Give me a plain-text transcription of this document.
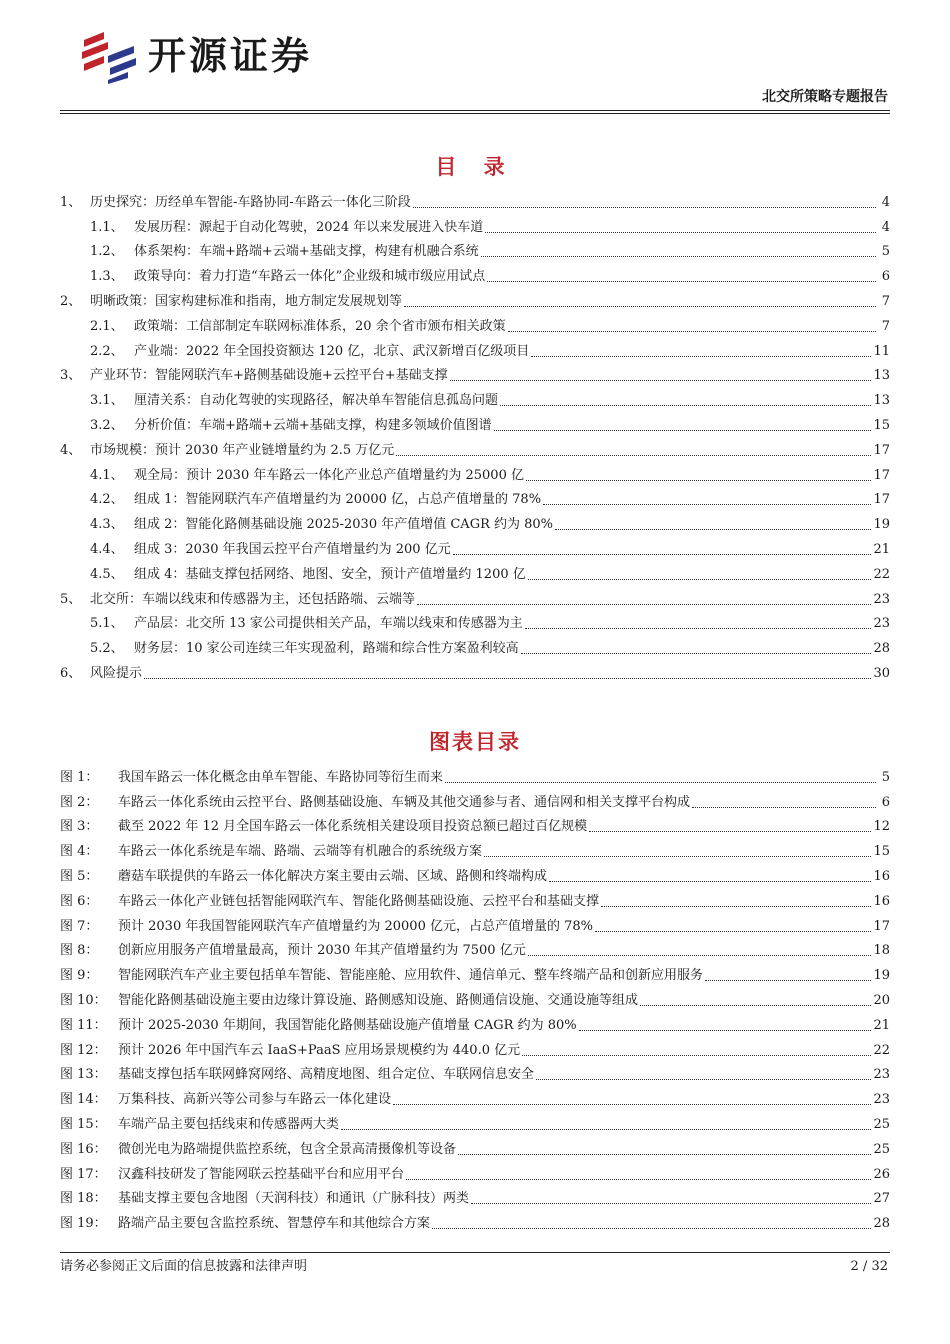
开源证券
北交所策略专题报告
目 录
1、 历史探究：历经单车智能-车路协同-车路云一体化三阶段	4
1.1、 发展历程：源起于自动化驾驶，2024 年以来发展进入快车道	4
1.2、 体系架构：车端+路端+云端+基础支撑，构建有机融合系统	5
1.3、 政策导向：着力打造“车路云一体化”企业级和城市级应用试点	6
2、 明晰政策：国家构建标准和指南，地方制定发展规划等	7
2.1、 政策端：工信部制定车联网标准体系，20 余个省市颁布相关政策	7
2.2、 产业端：2022 年全国投资额达 120 亿，北京、武汉新增百亿级项目	11
3、 产业环节：智能网联汽车+路侧基础设施+云控平台+基础支撑	13
3.1、 厘清关系：自动化驾驶的实现路径，解决单车智能信息孤岛问题	13
3.2、 分析价值：车端+路端+云端+基础支撑，构建多领域价值图谱	15
4、 市场规模：预计 2030 年产业链增量约为 2.5 万亿元	17
4.1、 观全局：预计 2030 年车路云一体化产业总产值增量约为 25000 亿	17
4.2、 组成 1：智能网联汽车产值增量约为 20000 亿，占总产值增量的 78%	17
4.3、 组成 2：智能化路侧基础设施 2025-2030 年产值增值 CAGR 约为 80%	19
4.4、 组成 3：2030 年我国云控平台产值增量约为 200 亿元	21
4.5、 组成 4：基础支撑包括网络、地图、安全，预计产值增量约 1200 亿	22
5、 北交所：车端以线束和传感器为主，还包括路端、云端等	23
5.1、 产品层：北交所 13 家公司提供相关产品，车端以线束和传感器为主	23
5.2、 财务层：10 家公司连续三年实现盈利，路端和综合性方案盈利较高	28
6、 风险提示	30
图表目录
图 1：	我国车路云一体化概念由单车智能、车路协同等衍生而来	5
图 2：	车路云一体化系统由云控平台、路侧基础设施、车辆及其他交通参与者、通信网和相关支撑平台构成	6
图 3：	截至 2022 年 12 月全国车路云一体化系统相关建设项目投资总额已超过百亿规模	12
图 4：	车路云一体化系统是车端、路端、云端等有机融合的系统级方案	15
图 5：	蘑菇车联提供的车路云一体化解决方案主要由云端、区域、路侧和终端构成	16
图 6：	车路云一体化产业链包括智能网联汽车、智能化路侧基础设施、云控平台和基础支撑	16
图 7：	预计 2030 年我国智能网联汽车产值增量约为 20000 亿元，占总产值增量的 78%	17
图 8：	创新应用服务产值增量最高，预计 2030 年其产值增量约为 7500 亿元	18
图 9：	智能网联汽车产业主要包括单车智能、智能座舱、应用软件、通信单元、整车终端产品和创新应用服务	19
图 10： 智能化路侧基础设施主要由边缘计算设施、路侧感知设施、路侧通信设施、交通设施等组成	20
图 11： 预计 2025-2030 年期间，我国智能化路侧基础设施产值增量 CAGR 约为 80%	21
图 12： 预计 2026 年中国汽车云 IaaS+PaaS 应用场景规模约为 440.0 亿元	22
图 13： 基础支撑包括车联网蜂窝网络、高精度地图、组合定位、车联网信息安全	23
图 14： 万集科技、高新兴等公司参与车路云一体化建设	23
图 15： 车端产品主要包括线束和传感器两大类	25
图 16： 微创光电为路端提供监控系统，包含全景高清摄像机等设备	25
图 17： 汉鑫科技研发了智能网联云控基础平台和应用平台	26
图 18： 基础支撑主要包含地图（天润科技）和通讯（广脉科技）两类	27
图 19： 路端产品主要包含监控系统、智慧停车和其他综合方案	28
请务必参阅正文后面的信息披露和法律声明	2 / 32
